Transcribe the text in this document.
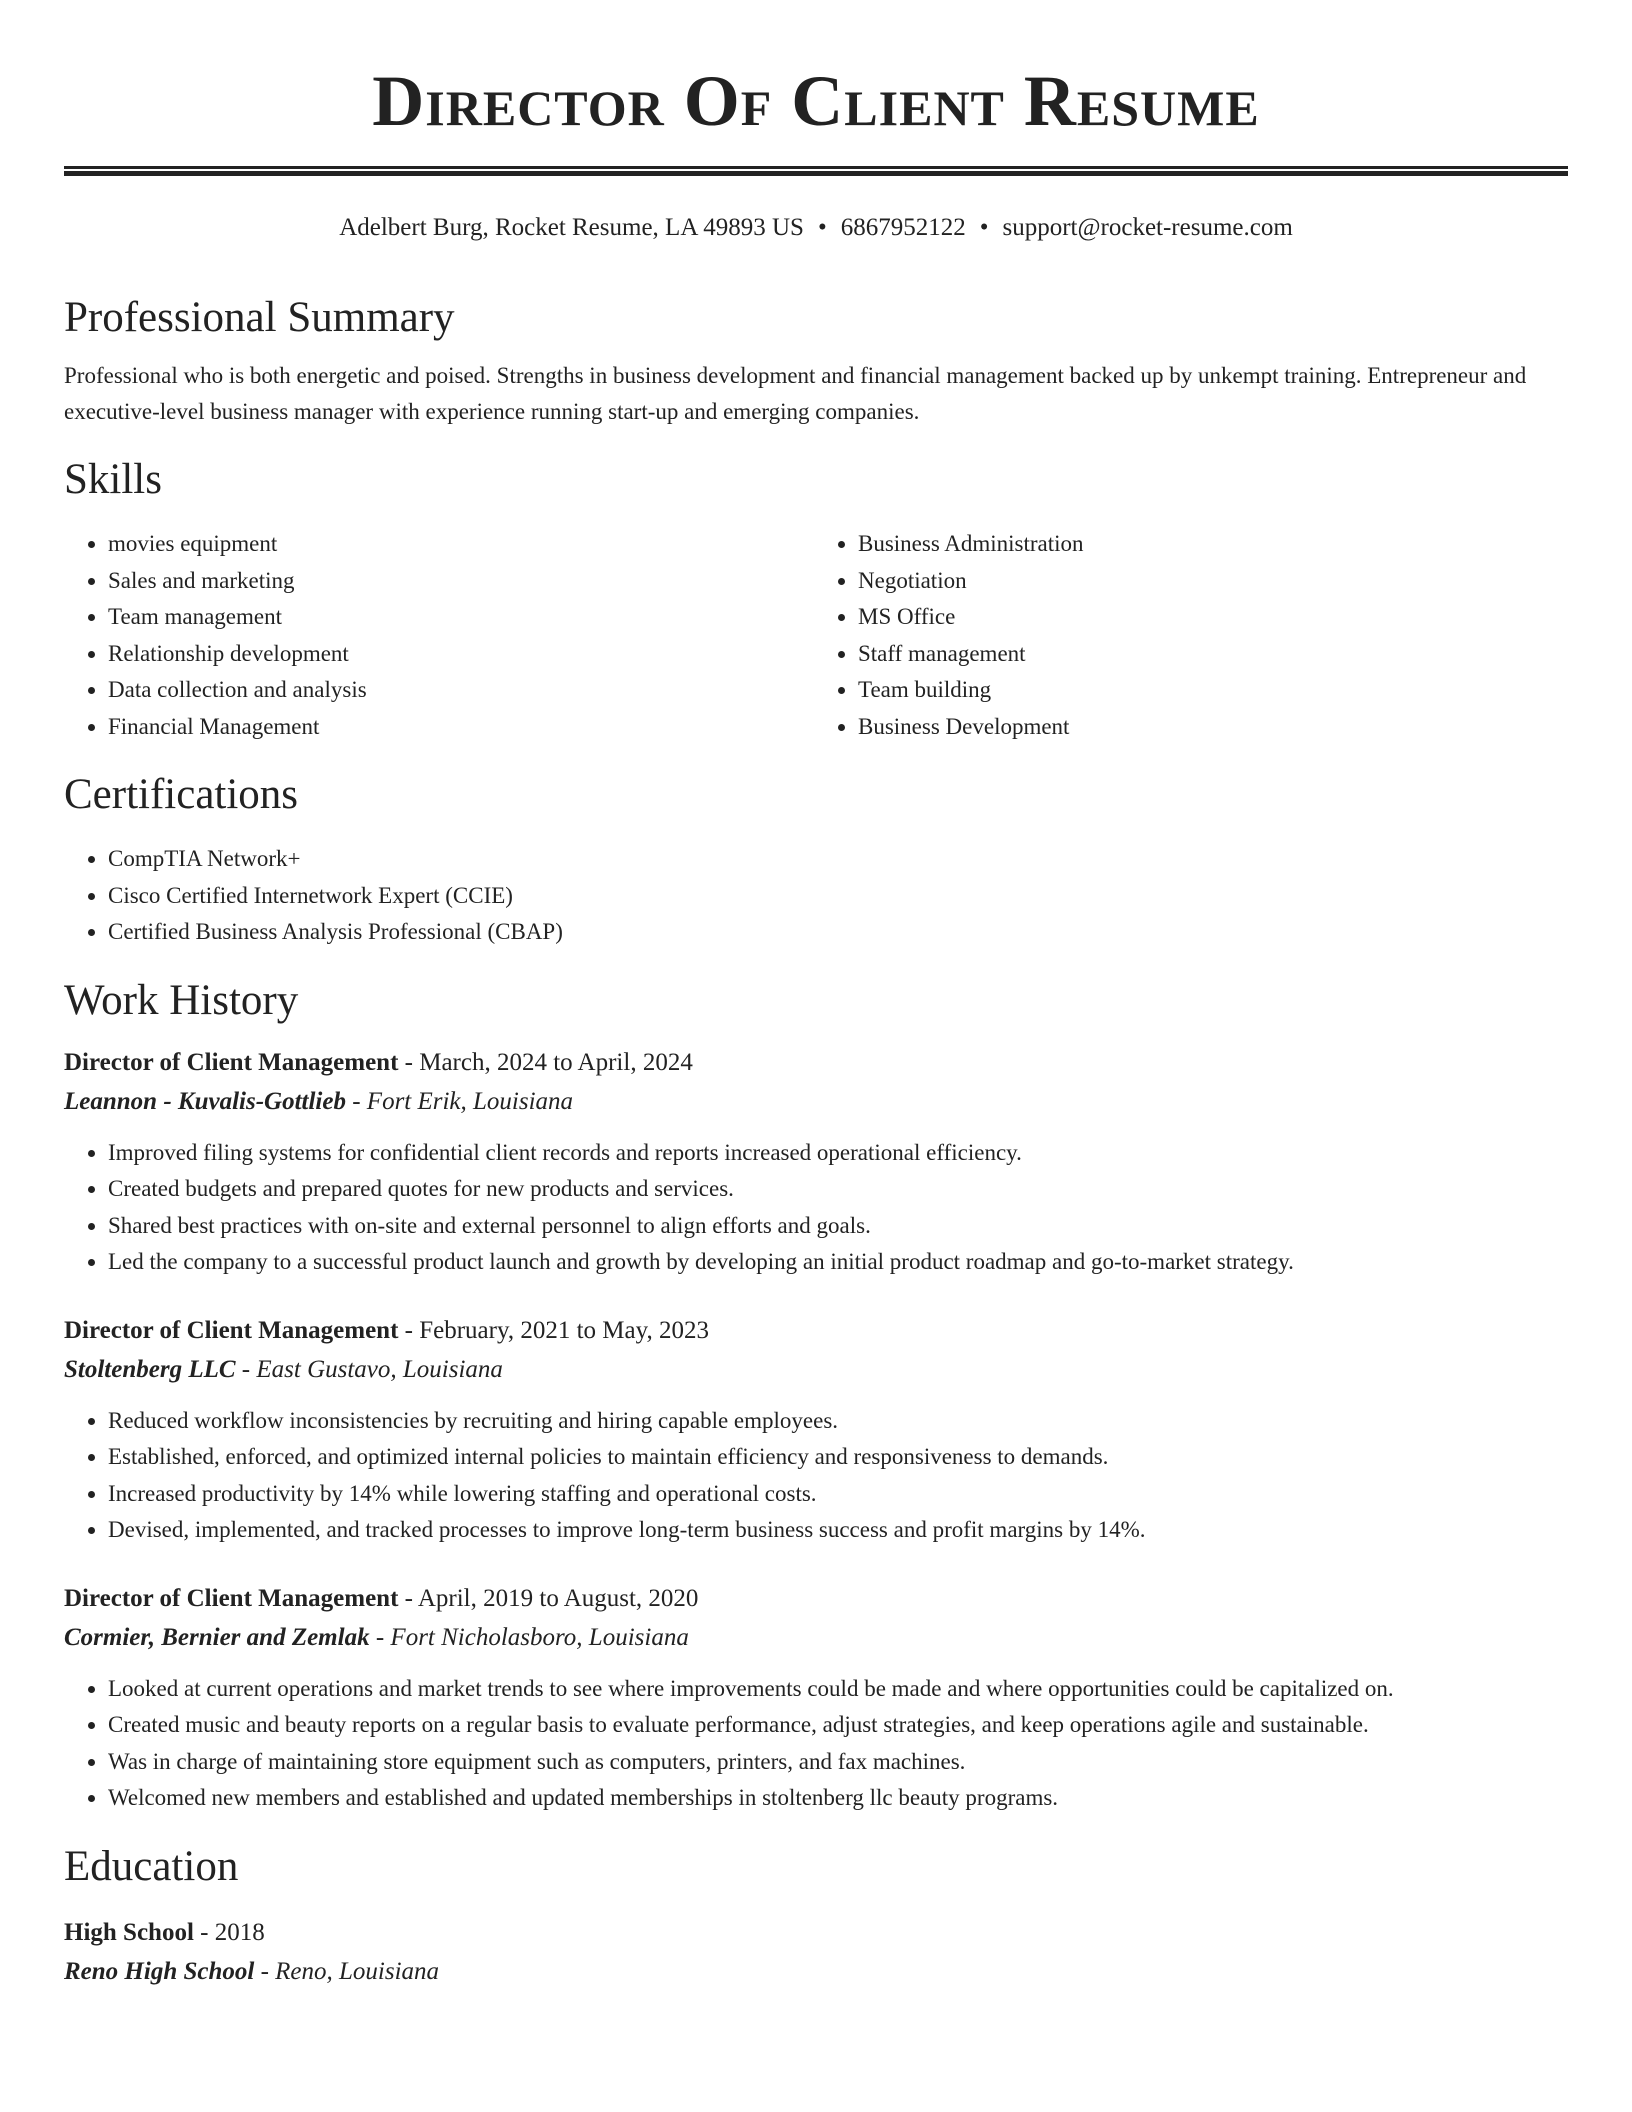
Director Of Client Resume
Adelbert Burg, Rocket Resume, LA 49893 US • 6867952122 • support@rocket-resume.com
Professional Summary
Professional who is both energetic and poised. Strengths in business development and financial management backed up by unkempt training. Entrepreneur and executive-level business manager with experience running start-up and emerging companies.
Skills
• movies equipment
• Sales and marketing
• Team management
• Relationship development
• Data collection and analysis
• Financial Management
• Business Administration
• Negotiation
• MS Office
• Staff management
• Team building
• Business Development
Certifications
• CompTIA Network+
• Cisco Certified Internetwork Expert (CCIE)
• Certified Business Analysis Professional (CBAP)
Work History
Director of Client Management - March, 2024 to April, 2024
Leannon - Kuvalis-Gottlieb - Fort Erik, Louisiana
• Improved filing systems for confidential client records and reports increased operational efficiency.
• Created budgets and prepared quotes for new products and services.
• Shared best practices with on-site and external personnel to align efforts and goals.
• Led the company to a successful product launch and growth by developing an initial product roadmap and go-to-market strategy.
Director of Client Management - February, 2021 to May, 2023
Stoltenberg LLC - East Gustavo, Louisiana
• Reduced workflow inconsistencies by recruiting and hiring capable employees.
• Established, enforced, and optimized internal policies to maintain efficiency and responsiveness to demands.
• Increased productivity by 14% while lowering staffing and operational costs.
• Devised, implemented, and tracked processes to improve long-term business success and profit margins by 14%.
Director of Client Management - April, 2019 to August, 2020
Cormier, Bernier and Zemlak - Fort Nicholasboro, Louisiana
• Looked at current operations and market trends to see where improvements could be made and where opportunities could be capitalized on.
• Created music and beauty reports on a regular basis to evaluate performance, adjust strategies, and keep operations agile and sustainable.
• Was in charge of maintaining store equipment such as computers, printers, and fax machines.
• Welcomed new members and established and updated memberships in stoltenberg llc beauty programs.
Education
High School - 2018
Reno High School - Reno, Louisiana
